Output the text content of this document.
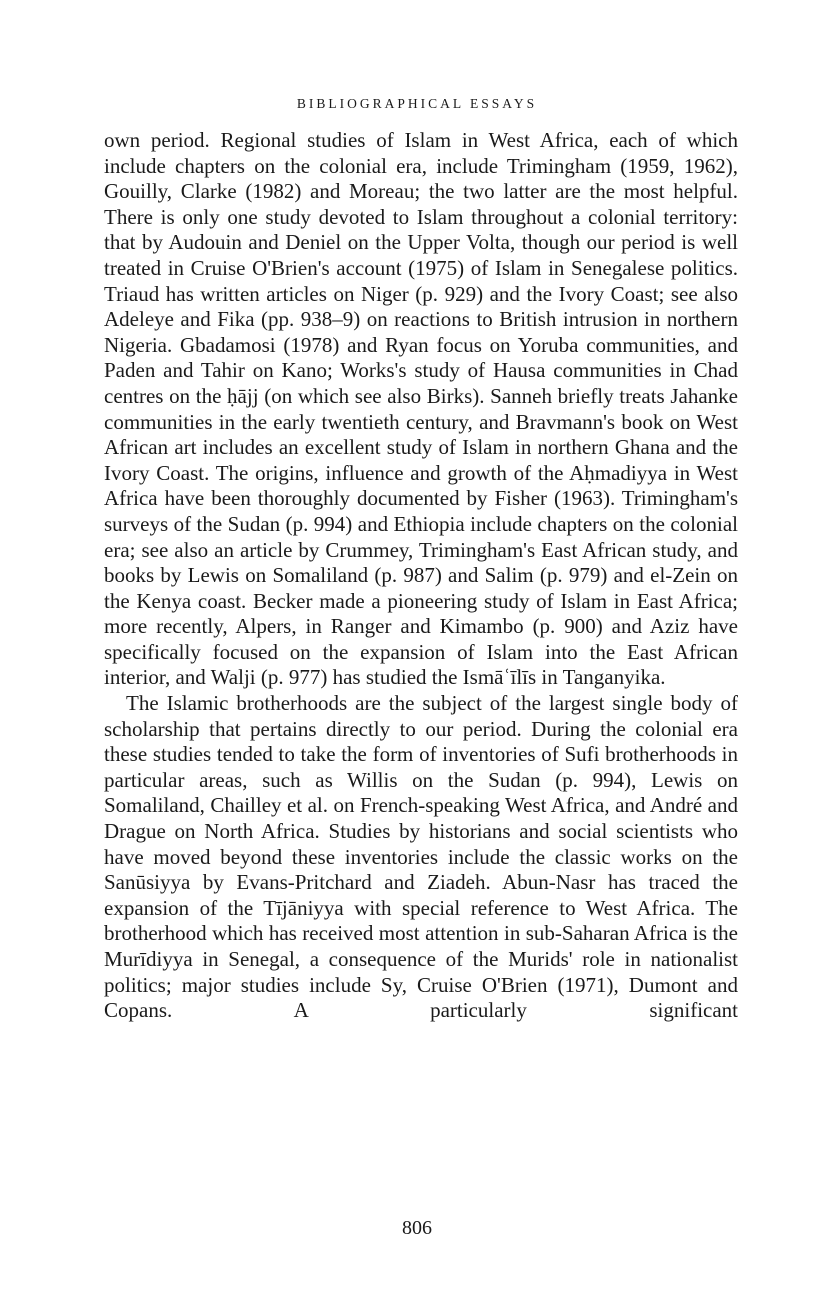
BIBLIOGRAPHICAL ESSAYS

own period. Regional studies of Islam in West Africa, each of which include chapters on the colonial era, include Trimingham (1959, 1962), Gouilly, Clarke (1982) and Moreau; the two latter are the most helpful. There is only one study devoted to Islam throughout a colonial territory: that by Audouin and Deniel on the Upper Volta, though our period is well treated in Cruise O'Brien's account (1975) of Islam in Senegalese politics. Triaud has written articles on Niger (p. 929) and the Ivory Coast; see also Adeleye and Fika (pp. 938–9) on reactions to British intrusion in northern Nigeria. Gbadamosi (1978) and Ryan focus on Yoruba communities, and Paden and Tahir on Kano; Works's study of Hausa communities in Chad centres on the ḥājj (on which see also Birks). Sanneh briefly treats Jahanke communities in the early twentieth century, and Bravmann's book on West African art includes an excellent study of Islam in northern Ghana and the Ivory Coast. The origins, influence and growth of the Aḥmadiyya in West Africa have been thoroughly documented by Fisher (1963). Trimingham's surveys of the Sudan (p. 994) and Ethiopia include chapters on the colonial era; see also an article by Crummey, Trimingham's East African study, and books by Lewis on Somaliland (p. 987) and Salim (p. 979) and el-Zein on the Kenya coast. Becker made a pioneering study of Islam in East Africa; more recently, Alpers, in Ranger and Kimambo (p. 900) and Aziz have specifically focused on the expansion of Islam into the East African interior, and Walji (p. 977) has studied the Ismāʿīlīs in Tanganyika.

The Islamic brotherhoods are the subject of the largest single body of scholarship that pertains directly to our period. During the colonial era these studies tended to take the form of inventories of Sufi brotherhoods in particular areas, such as Willis on the Sudan (p. 994), Lewis on Somaliland, Chailley et al. on French-speaking West Africa, and André and Drague on North Africa. Studies by historians and social scientists who have moved beyond these inventories include the classic works on the Sanūsiyya by Evans-Pritchard and Ziadeh. Abun-Nasr has traced the expansion of the Tījāniyya with special reference to West Africa. The brotherhood which has received most attention in sub-Saharan Africa is the Murīdiyya in Senegal, a consequence of the Murids' role in nationalist politics; major studies include Sy, Cruise O'Brien (1971), Dumont and Copans. A particularly significant

806
